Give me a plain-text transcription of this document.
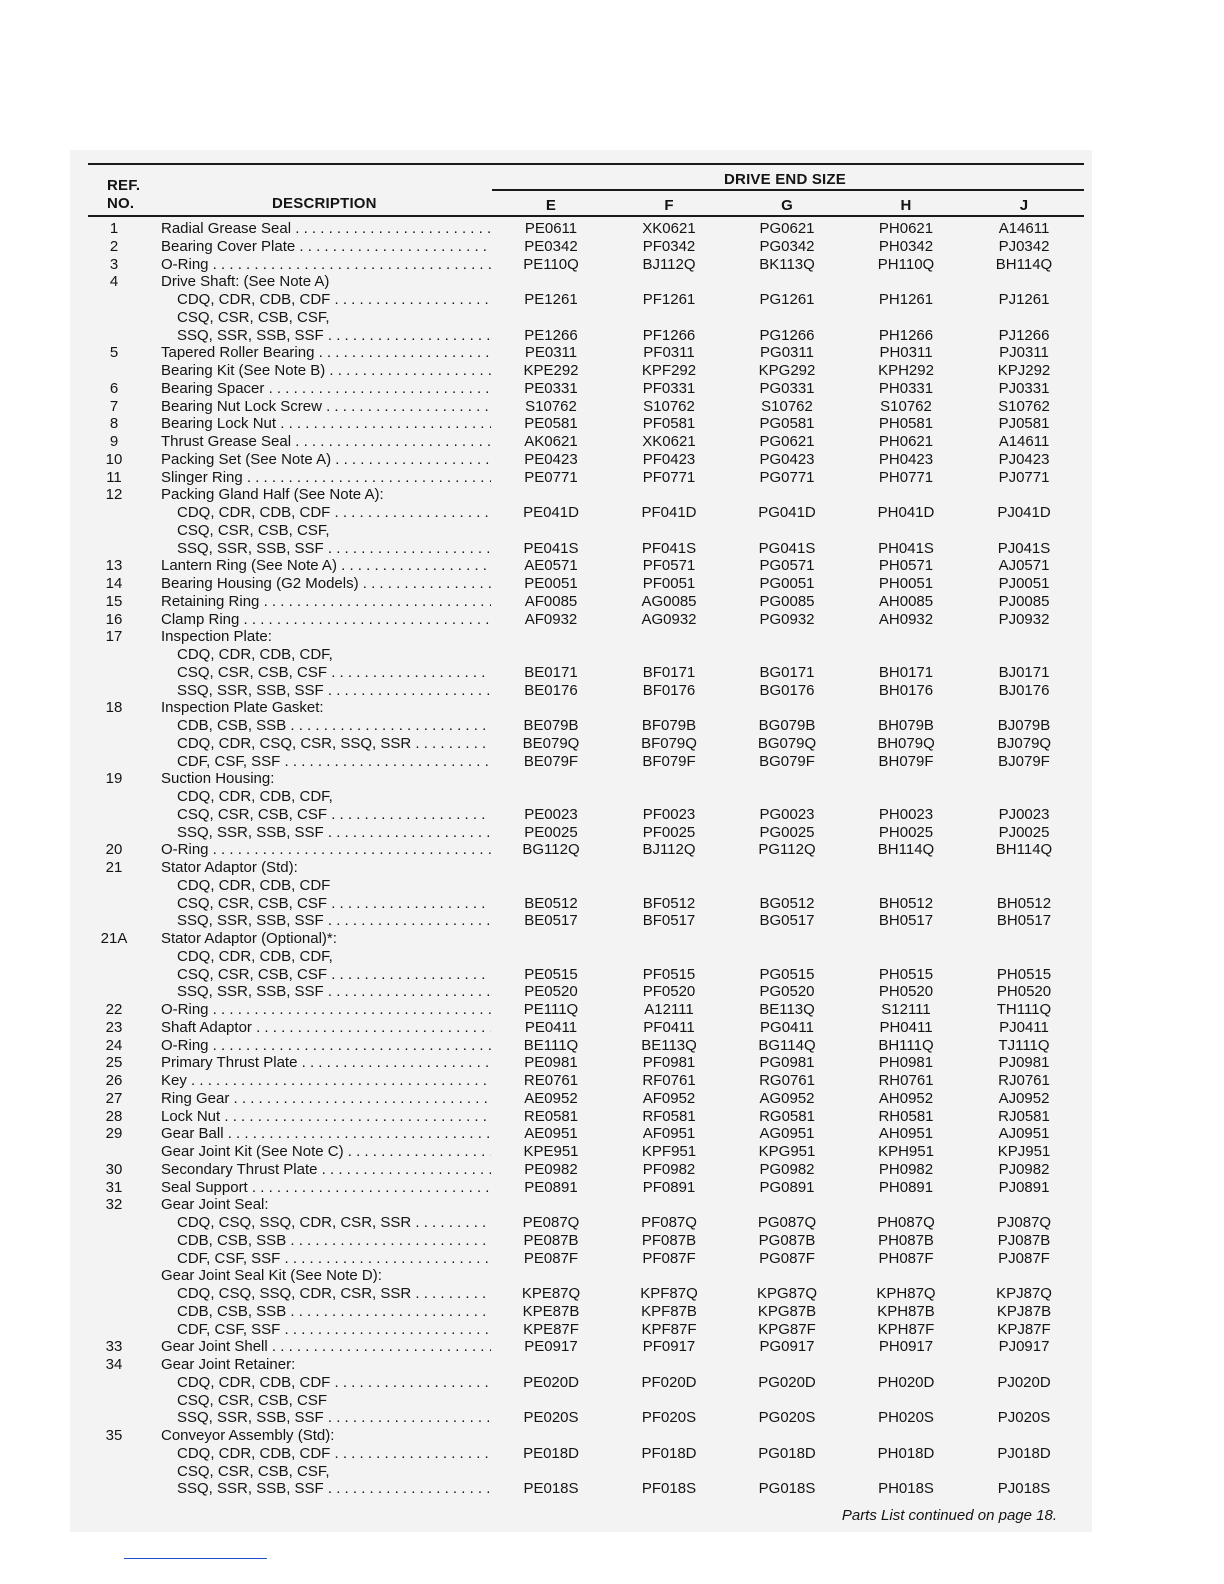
REF.
NO.	DESCRIPTION
DRIVE END SIZE
E	F	G	H	J
1	Radial Grease Seal . . .	PE0611	XK0621	PG0621	PH0621	A14611
2	Bearing Cover Plate . . .	PE0342	PF0342	PG0342	PH0342	PJ0342
3	O-Ring . . .	PE110Q	BJ112Q	BK113Q	PH110Q	BH114Q
4	Drive Shaft: (See Note A)
CDQ, CDR, CDB, CDF . . .	PE1261	PF1261	PG1261	PH1261	PJ1261
CSQ, CSR, CSB, CSF,
SSQ, SSR, SSB, SSF . . .	PE1266	PF1266	PG1266	PH1266	PJ1266
5	Tapered Roller Bearing . . .	PE0311	PF0311	PG0311	PH0311	PJ0311
Bearing Kit (See Note B) . . .	KPE292	KPF292	KPG292	KPH292	KPJ292
6	Bearing Spacer . . .	PE0331	PF0331	PG0331	PH0331	PJ0331
7	Bearing Nut Lock Screw . . .	S10762	S10762	S10762	S10762	S10762
8	Bearing Lock Nut . . .	PE0581	PF0581	PG0581	PH0581	PJ0581
9	Thrust Grease Seal . . .	AK0621	XK0621	PG0621	PH0621	A14611
10	Packing Set (See Note A) . . .	PE0423	PF0423	PG0423	PH0423	PJ0423
11	Slinger Ring . . .	PE0771	PF0771	PG0771	PH0771	PJ0771
12	Packing Gland Half (See Note A):
CDQ, CDR, CDB, CDF . . .	PE041D	PF041D	PG041D	PH041D	PJ041D
CSQ, CSR, CSB, CSF,
SSQ, SSR, SSB, SSF . . .	PE041S	PF041S	PG041S	PH041S	PJ041S
13	Lantern Ring (See Note A) . . .	AE0571	PF0571	PG0571	PH0571	AJ0571
14	Bearing Housing (G2 Models) . . .	PE0051	PF0051	PG0051	PH0051	PJ0051
15	Retaining Ring . . .	AF0085	AG0085	PG0085	AH0085	PJ0085
16	Clamp Ring . . .	AF0932	AG0932	PG0932	AH0932	PJ0932
17	Inspection Plate:
CDQ, CDR, CDB, CDF,
CSQ, CSR, CSB, CSF . . .	BE0171	BF0171	BG0171	BH0171	BJ0171
SSQ, SSR, SSB, SSF . . .	BE0176	BF0176	BG0176	BH0176	BJ0176
18	Inspection Plate Gasket:
CDB, CSB, SSB . . .	BE079B	BF079B	BG079B	BH079B	BJ079B
CDQ, CDR, CSQ, CSR, SSQ, SSR . . .	BE079Q	BF079Q	BG079Q	BH079Q	BJ079Q
CDF, CSF, SSF . . .	BE079F	BF079F	BG079F	BH079F	BJ079F
19	Suction Housing:
CDQ, CDR, CDB, CDF,
CSQ, CSR, CSB, CSF . . .	PE0023	PF0023	PG0023	PH0023	PJ0023
SSQ, SSR, SSB, SSF . . .	PE0025	PF0025	PG0025	PH0025	PJ0025
20	O-Ring . . .	BG112Q	BJ112Q	PG112Q	BH114Q	BH114Q
21	Stator Adaptor (Std):
CDQ, CDR, CDB, CDF
CSQ, CSR, CSB, CSF . . .	BE0512	BF0512	BG0512	BH0512	BH0512
SSQ, SSR, SSB, SSF . . .	BE0517	BF0517	BG0517	BH0517	BH0517
21A	Stator Adaptor (Optional)*:
CDQ, CDR, CDB, CDF,
CSQ, CSR, CSB, CSF . . .	PE0515	PF0515	PG0515	PH0515	PH0515
SSQ, SSR, SSB, SSF . . .	PE0520	PF0520	PG0520	PH0520	PH0520
22	O-Ring . . .	PE111Q	A12111	BE113Q	S12111	TH111Q
23	Shaft Adaptor . . .	PE0411	PF0411	PG0411	PH0411	PJ0411
24	O-Ring . . .	BE111Q	BE113Q	BG114Q	BH111Q	TJ111Q
25	Primary Thrust Plate . . .	PE0981	PF0981	PG0981	PH0981	PJ0981
26	Key . . .	RE0761	RF0761	RG0761	RH0761	RJ0761
27	Ring Gear . . .	AE0952	AF0952	AG0952	AH0952	AJ0952
28	Lock Nut . . .	RE0581	RF0581	RG0581	RH0581	RJ0581
29	Gear Ball . . .	AE0951	AF0951	AG0951	AH0951	AJ0951
Gear Joint Kit (See Note C) . . .	KPE951	KPF951	KPG951	KPH951	KPJ951
30	Secondary Thrust Plate . . .	PE0982	PF0982	PG0982	PH0982	PJ0982
31	Seal Support . . .	PE0891	PF0891	PG0891	PH0891	PJ0891
32	Gear Joint Seal:
CDQ, CSQ, SSQ, CDR, CSR, SSR . . .	PE087Q	PF087Q	PG087Q	PH087Q	PJ087Q
CDB, CSB, SSB . . .	PE087B	PF087B	PG087B	PH087B	PJ087B
CDF, CSF, SSF . . .	PE087F	PF087F	PG087F	PH087F	PJ087F
Gear Joint Seal Kit (See Note D):
CDQ, CSQ, SSQ, CDR, CSR, SSR . . .	KPE87Q	KPF87Q	KPG87Q	KPH87Q	KPJ87Q
CDB, CSB, SSB . . .	KPE87B	KPF87B	KPG87B	KPH87B	KPJ87B
CDF, CSF, SSF . . .	KPE87F	KPF87F	KPG87F	KPH87F	KPJ87F
33	Gear Joint Shell . . .	PE0917	PF0917	PG0917	PH0917	PJ0917
34	Gear Joint Retainer:
CDQ, CDR, CDB, CDF . . .	PE020D	PF020D	PG020D	PH020D	PJ020D
CSQ, CSR, CSB, CSF
SSQ, SSR, SSB, SSF . . .	PE020S	PF020S	PG020S	PH020S	PJ020S
35	Conveyor Assembly (Std):
CDQ, CDR, CDB, CDF . . .	PE018D	PF018D	PG018D	PH018D	PJ018D
CSQ, CSR, CSB, CSF,
SSQ, SSR, SSB, SSF . . .	PE018S	PF018S	PG018S	PH018S	PJ018S
Parts List continued on page 18.
